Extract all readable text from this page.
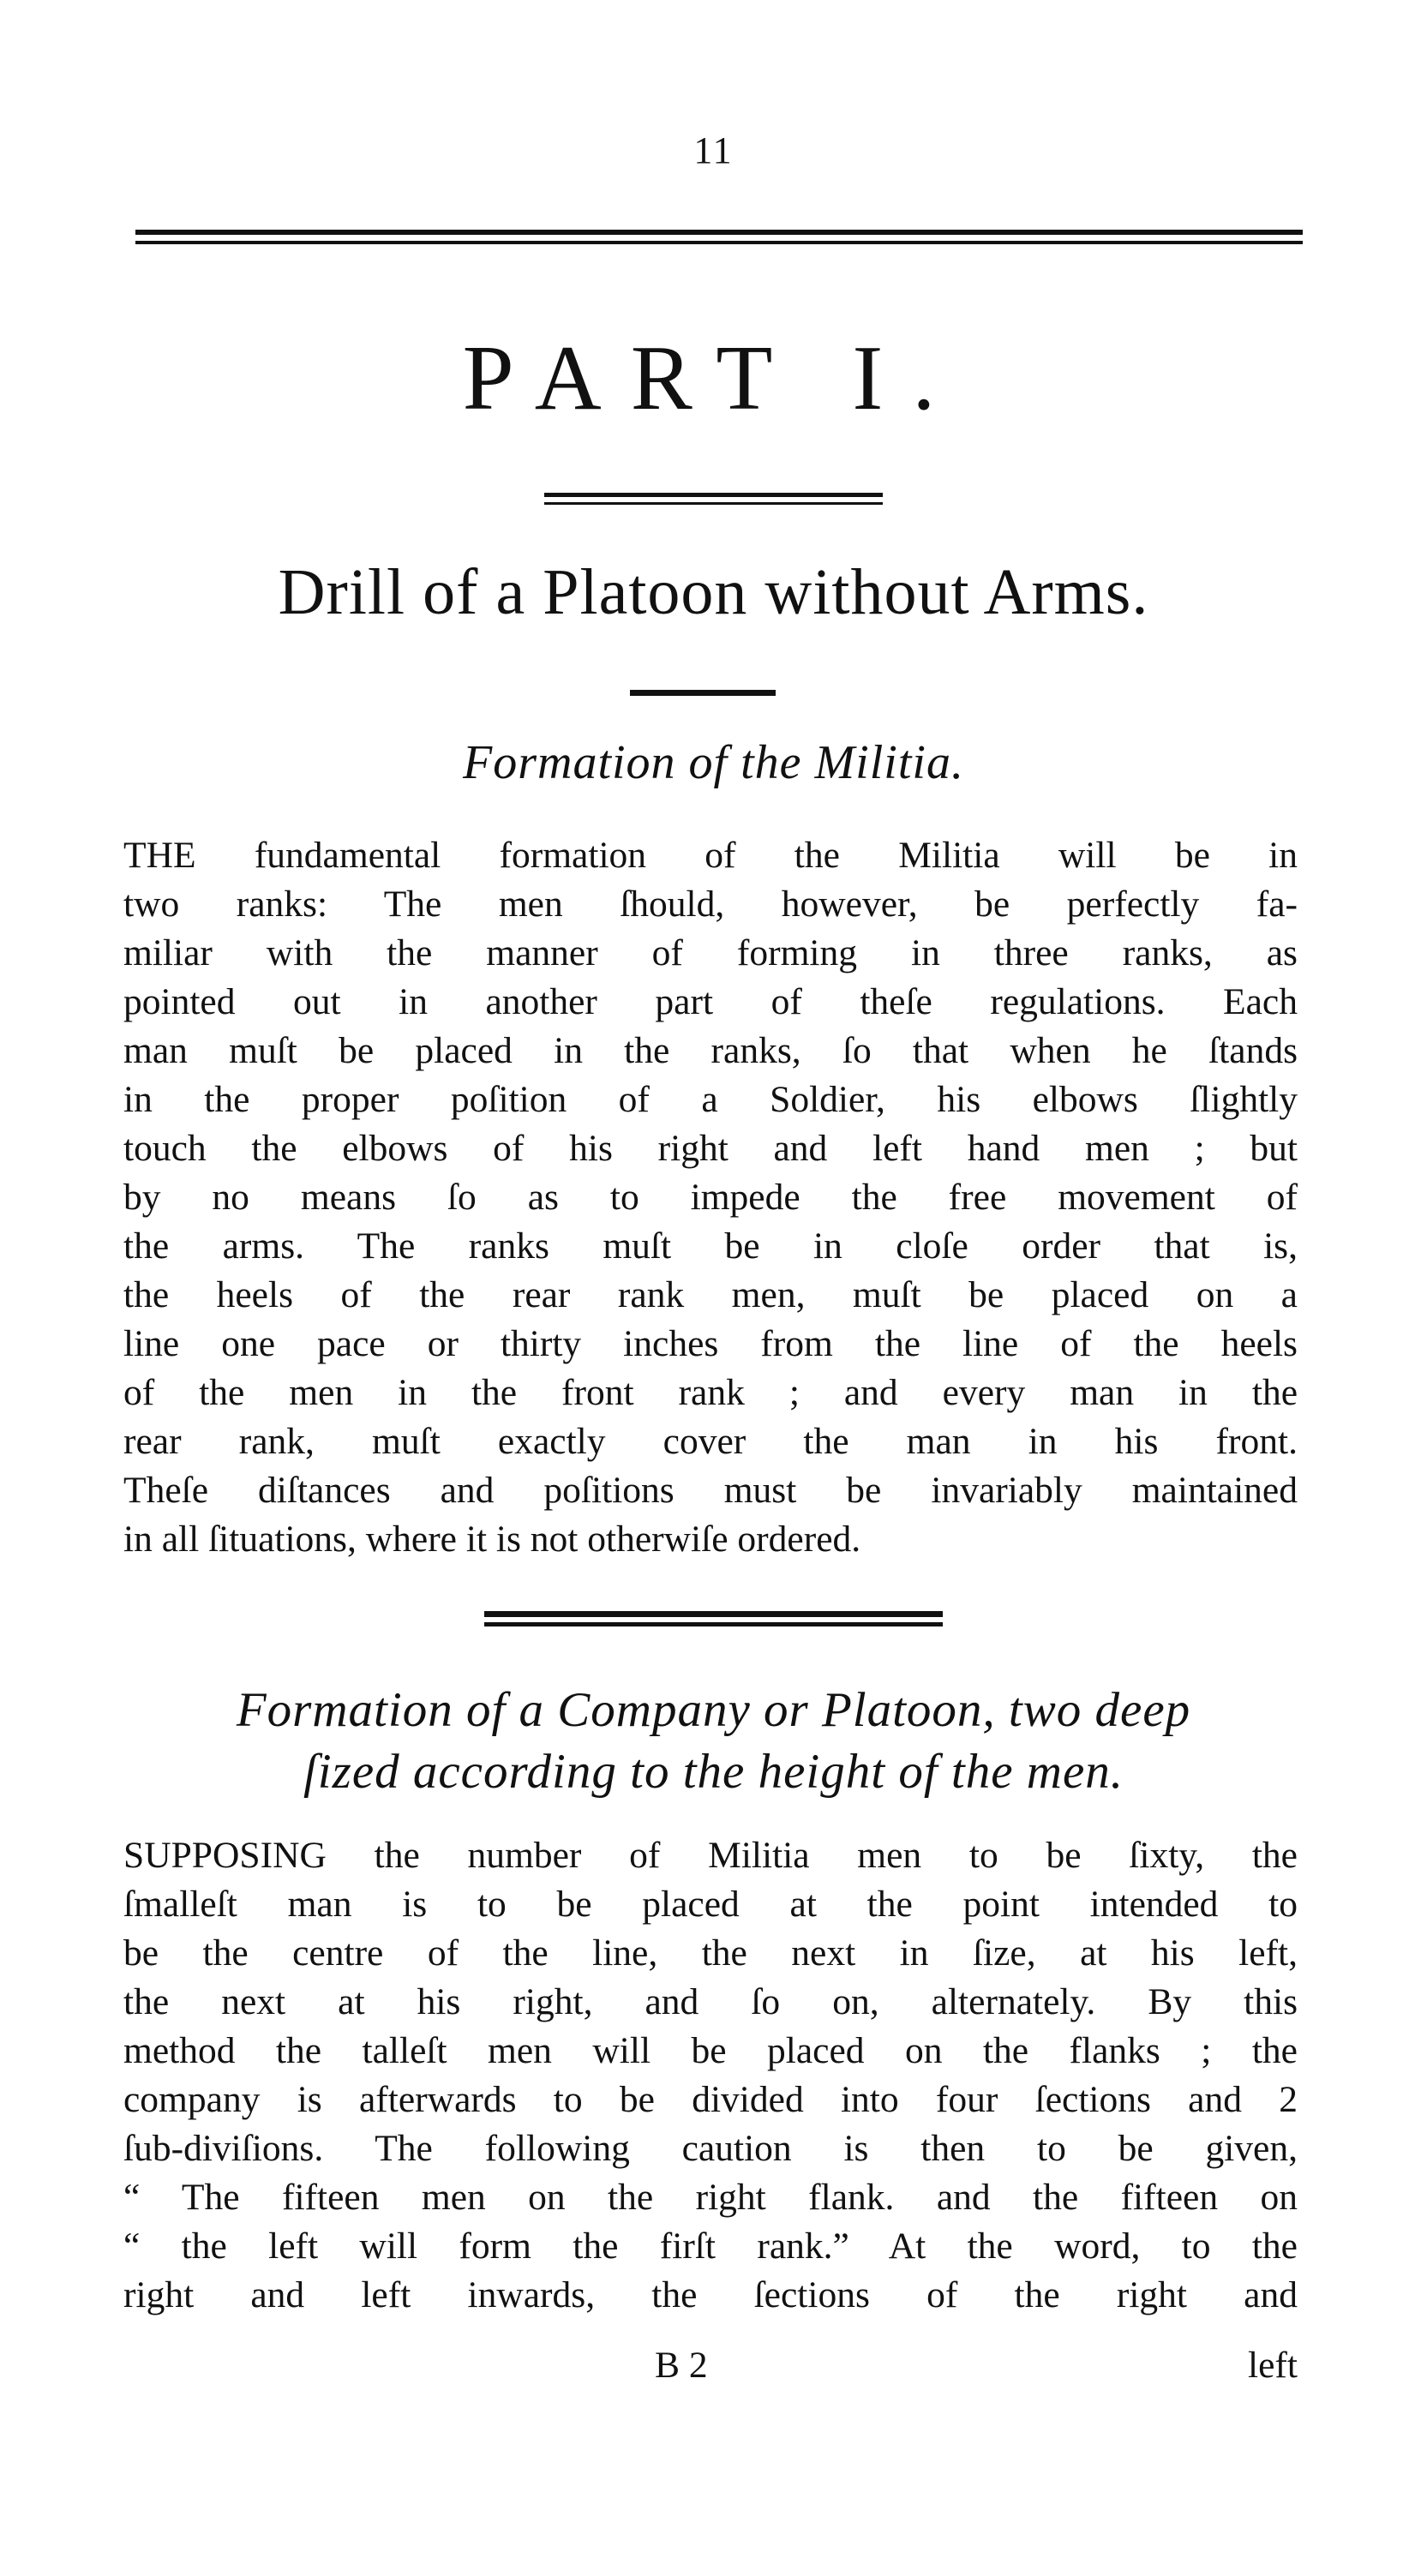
11
PART I.
Drill of a Platoon without Arms.
Formation of the Militia.
THE fundamental formation of the Militia will be in
two ranks: The men ſhould, however, be perfectly fa-
miliar with the manner of forming in three ranks, as
pointed out in another part of theſe regulations. Each
man muſt be placed in the ranks, ſo that when he ſtands
in the proper poſition of a Soldier, his elbows ſlightly
touch the elbows of his right and left hand men ; but
by no means ſo as to impede the free movement of
the arms. The ranks muſt be in cloſe order that is,
the heels of the rear rank men, muſt be placed on a
line one pace or thirty inches from the line of the heels
of the men in the front rank ; and every man in the
rear rank, muſt exactly cover the man in his front.
Theſe diſtances and poſitions must be invariably maintained
in all ſituations, where it is not otherwiſe ordered.
Formation of a Company or Platoon, two deep
ſized according to the height of the men.
SUPPOSING the number of Militia men to be ſixty, the
ſmalleſt man is to be placed at the point intended to
be the centre of the line, the next in ſize, at his left,
the next at his right, and ſo on, alternately. By this
method the talleſt men will be placed on the flanks ; the
company is afterwards to be divided into four ſections and 2
ſub-diviſions. The following caution is then to be given,
“ The fifteen men on the right flank. and the fifteen on
“ the left will form the firſt rank.” At the word, to the
right and left inwards, the ſections of the right and
B 2	left
